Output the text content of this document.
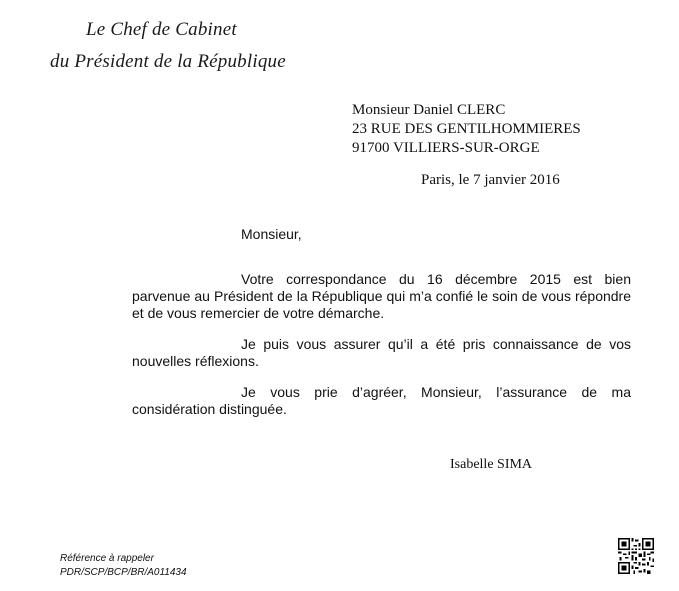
Le Chef de Cabinet
du Président de la République
Monsieur Daniel CLERC
23 RUE DES GENTILHOMMIERES
91700 VILLIERS-SUR-ORGE
Paris, le 7 janvier 2016
Monsieur,

Votre correspondance du 16 décembre 2015 est bien parvenue au Président de la République qui m’a confié le soin de vous répondre et de vous remercier de votre démarche.

Je puis vous assurer qu’il a été pris connaissance de vos nouvelles réflexions.

Je vous prie d’agréer, Monsieur, l’assurance de ma considération distinguée.

Isabelle SIMA
Référence à rappeler
PDR/SCP/BCP/BR/A011434
